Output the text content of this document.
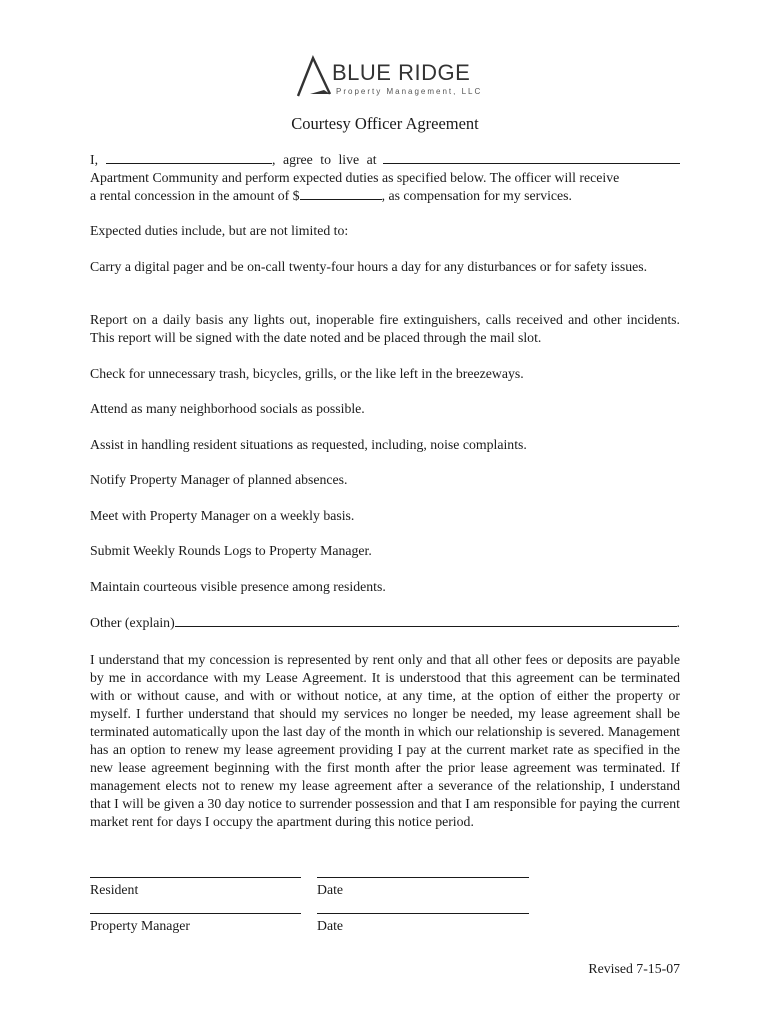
BLUE RIDGE
Property Management, LLC
Courtesy Officer Agreement
I,	, agree to live at
Apartment Community and perform expected duties as specified below. The officer will receive
a rental concession in the amount of $	, as compensation for my services.
Expected duties include, but are not limited to:
Carry a digital pager and be on-call twenty-four hours a day for any disturbances or for safety issues.
Report on a daily basis any lights out, inoperable fire extinguishers, calls received and other incidents. This report will be signed with the date noted and be placed through the mail slot.
Check for unnecessary trash, bicycles, grills, or the like left in the breezeways.
Attend as many neighborhood socials as possible.
Assist in handling resident situations as requested, including, noise complaints.
Notify Property Manager of planned absences.
Meet with Property Manager on a weekly basis.
Submit Weekly Rounds Logs to Property Manager.
Maintain courteous visible presence among residents.
Other (explain)	.
I understand that my concession is represented by rent only and that all other fees or deposits are payable by me in accordance with my Lease Agreement. It is understood that this agreement can be terminated with or without cause, and with or without notice, at any time, at the option of either the property or myself. I further understand that should my services no longer be needed, my lease agreement shall be terminated automatically upon the last day of the month in which our relationship is severed. Management has an option to renew my lease agreement providing I pay at the current market rate as specified in the new lease agreement beginning with the first month after the prior lease agreement was terminated. If management elects not to renew my lease agreement after a severance of the relationship, I understand that I will be given a 30 day notice to surrender possession and that I am responsible for paying the current market rent for days I occupy the apartment during this notice period.
Resident	Date
Property Manager	Date
Revised 7-15-07
